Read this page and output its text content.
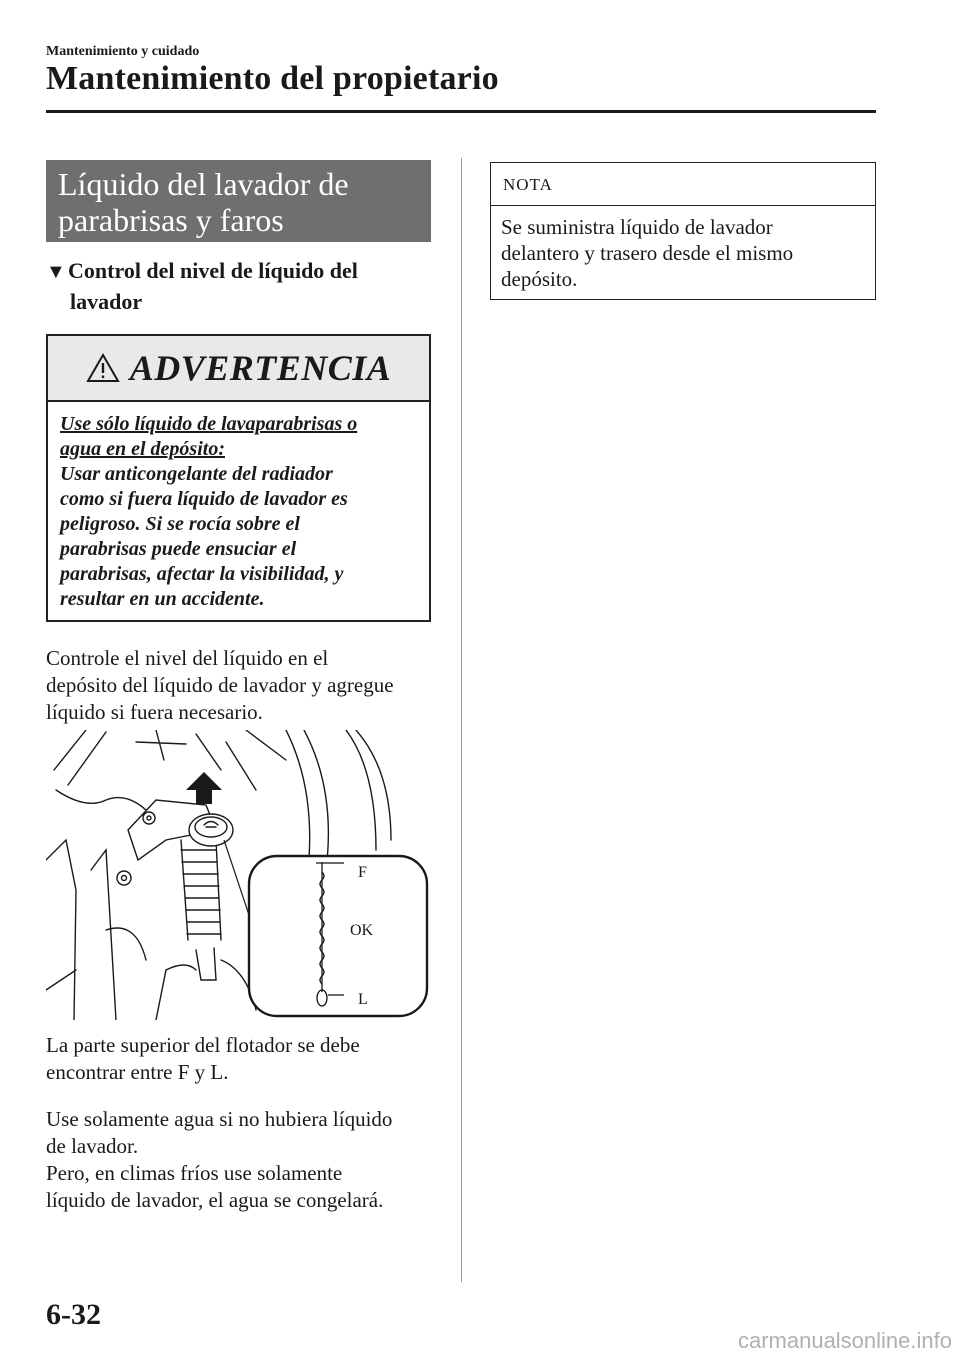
Mantenimiento y cuidado
Mantenimiento del propietario
Líquido del lavador de
parabrisas y faros
▼ Control del nivel de líquido del
lavador
ADVERTENCIA
Use sólo líquido de lavaparabrisas o
agua en el depósito:
Usar anticongelante del radiador
como si fuera líquido de lavador es
peligroso. Si se rocía sobre el
parabrisas puede ensuciar el
parabrisas, afectar la visibilidad, y
resultar en un accidente.
Controle el nivel del líquido en el
depósito del líquido de lavador y agregue
líquido si fuera necesario.
F
OK
L
La parte superior del flotador se debe
encontrar entre F y L.
Use solamente agua si no hubiera líquido
de lavador.
Pero, en climas fríos use solamente
líquido de lavador, el agua se congelará.
NOTA
Se suministra líquido de lavador
delantero y trasero desde el mismo
depósito.
6-32
carmanualsonline.info
